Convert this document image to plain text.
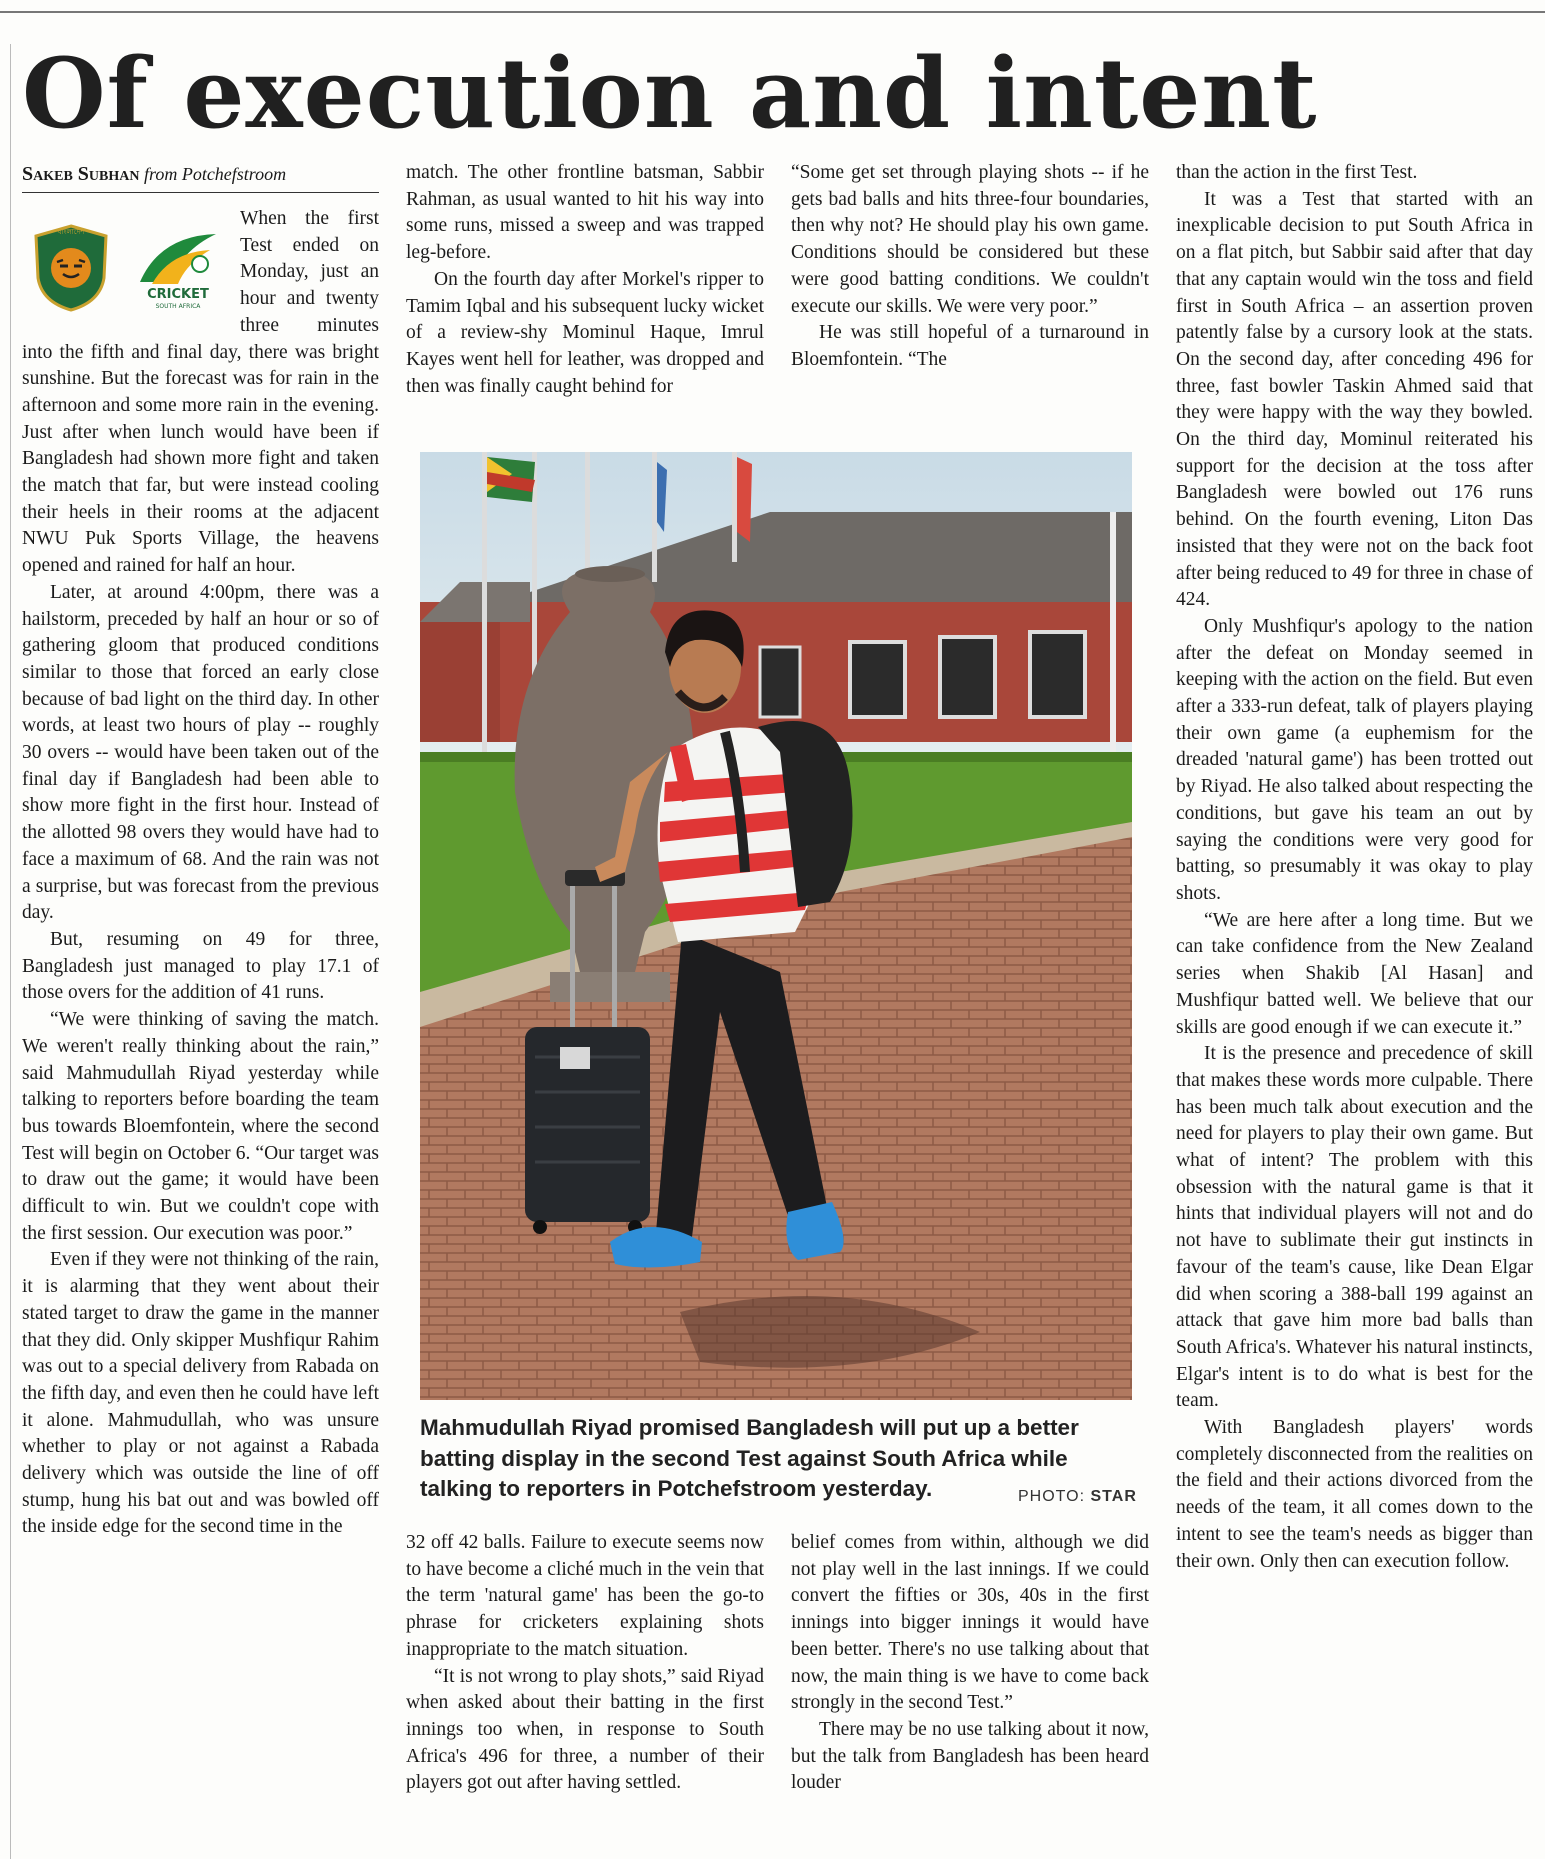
Of execution and intent
Sakeb Subhan from Potchefstroom
বাংলাদেশ
CRICKET
SOUTH AFRICA

When the first Test ended on Monday, just an hour and twenty three minutes into the fifth and final day, there was bright sunshine. But the forecast was for rain in the afternoon and some more rain in the evening. Just after when lunch would have been if Bangladesh had shown more fight and taken the match that far, but were instead cooling their heels in their rooms at the adjacent NWU Puk Sports Village, the heavens opened and rained for half an hour.

Later, at around 4:00pm, there was a hailstorm, preceded by half an hour or so of gathering gloom that produced conditions similar to those that forced an early close because of bad light on the third day. In other words, at least two hours of play -- roughly 30 overs -- would have been taken out of the final day if Bangladesh had been able to show more fight in the first hour. Instead of the allotted 98 overs they would have had to face a maximum of 68. And the rain was not a surprise, but was forecast from the previous day.

But, resuming on 49 for three, Bangladesh just managed to play 17.1 of those overs for the addition of 41 runs.

“We were thinking of saving the match. We weren't really thinking about the rain,” said Mahmudullah Riyad yesterday while talking to reporters before boarding the team bus towards Bloemfontein, where the second Test will begin on October 6. “Our target was to draw out the game; it would have been difficult to win. But we couldn't cope with the first session. Our execution was poor.”

Even if they were not thinking of the rain, it is alarming that they went about their stated target to draw the game in the manner that they did. Only skipper Mushfiqur Rahim was out to a special delivery from Rabada on the fifth day, and even then he could have left it alone. Mahmudullah, who was unsure whether to play or not against a Rabada delivery which was outside the line of off stump, hung his bat out and was bowled off the inside edge for the second time in the

match. The other frontline batsman, Sabbir Rahman, as usual wanted to hit his way into some runs, missed a sweep and was trapped leg-before.

On the fourth day after Morkel's ripper to Tamim Iqbal and his subsequent lucky wicket of a review-shy Mominul Haque, Imrul Kayes went hell for leather, was dropped and then was finally caught behind for

“Some get set through playing shots -- if he gets bad balls and hits three-four boundaries, then why not? He should play his own game. Conditions should be considered but these were good batting conditions. We couldn't execute our skills. We were very poor.”

He was still hopeful of a turnaround in Bloemfontein. “The

Mahmudullah Riyad promised Bangladesh will put up a better batting display in the second Test against South Africa while talking to reporters in Potchefstroom yesterday.	PHOTO: STAR

32 off 42 balls. Failure to execute seems now to have become a cliché much in the vein that the term 'natural game' has been the go-to phrase for cricketers explaining shots inappropriate to the match situation.

“It is not wrong to play shots,” said Riyad when asked about their batting in the first innings too when, in response to South Africa's 496 for three, a number of their players got out after having settled.

belief comes from within, although we did not play well in the last innings. If we could convert the fifties or 30s, 40s in the first innings into bigger innings it would have been better. There's no use talking about that now, the main thing is we have to come back strongly in the second Test.”

There may be no use talking about it now, but the talk from Bangladesh has been heard louder

than the action in the first Test.

It was a Test that started with an inexplicable decision to put South Africa in on a flat pitch, but Sabbir said after that day that any captain would win the toss and field first in South Africa – an assertion proven patently false by a cursory look at the stats. On the second day, after conceding 496 for three, fast bowler Taskin Ahmed said that they were happy with the way they bowled. On the third day, Mominul reiterated his support for the decision at the toss after Bangladesh were bowled out 176 runs behind. On the fourth evening, Liton Das insisted that they were not on the back foot after being reduced to 49 for three in chase of 424.

Only Mushfiqur's apology to the nation after the defeat on Monday seemed in keeping with the action on the field. But even after a 333-run defeat, talk of players playing their own game (a euphemism for the dreaded 'natural game') has been trotted out by Riyad. He also talked about respecting the conditions, but gave his team an out by saying the conditions were very good for batting, so presumably it was okay to play shots.

“We are here after a long time. But we can take confidence from the New Zealand series when Shakib [Al Hasan] and Mushfiqur batted well. We believe that our skills are good enough if we can execute it.”

It is the presence and precedence of skill that makes these words more culpable. There has been much talk about execution and the need for players to play their own game. But what of intent? The problem with this obsession with the natural game is that it hints that individual players will not and do not have to sublimate their gut instincts in favour of the team's cause, like Dean Elgar did when scoring a 388-ball 199 against an attack that gave him more bad balls than South Africa's. Whatever his natural instincts, Elgar's intent is to do what is best for the team.

With Bangladesh players' words completely disconnected from the realities on the field and their actions divorced from the needs of the team, it all comes down to the intent to see the team's needs as bigger than their own. Only then can execution follow.
